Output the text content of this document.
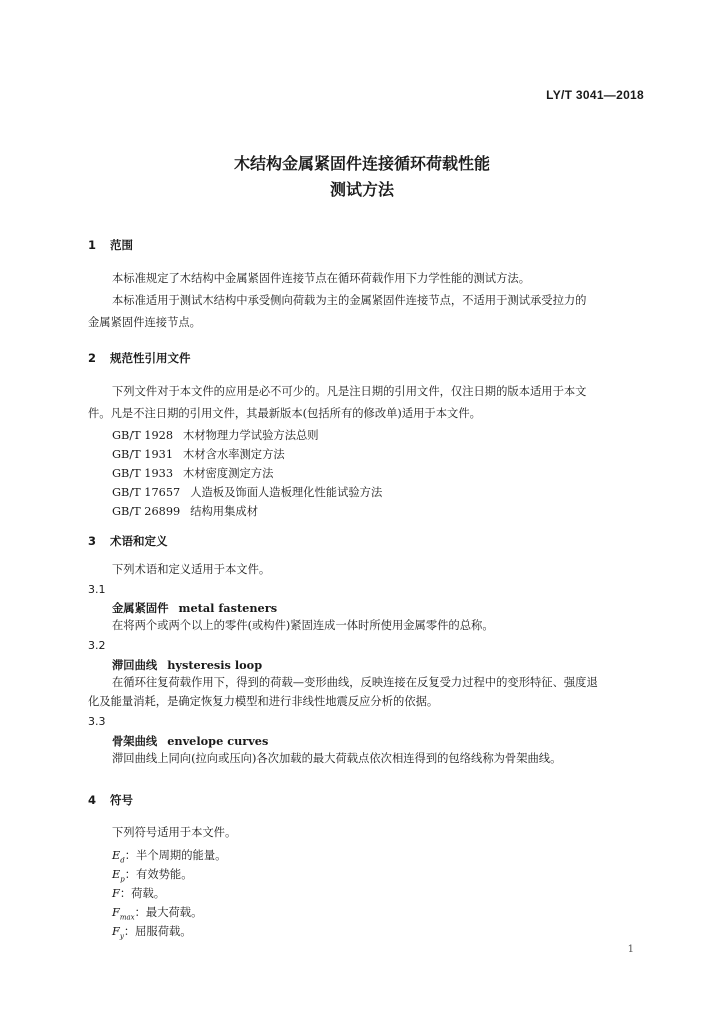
LY/T 3041—2018
木结构金属紧固件连接循环荷载性能
测试方法
1 范围
本标准规定了木结构中金属紧固件连接节点在循环荷载作用下力学性能的测试方法。
本标准适用于测试木结构中承受侧向荷载为主的金属紧固件连接节点，不适用于测试承受拉力的
金属紧固件连接节点。
2 规范性引用文件
下列文件对于本文件的应用是必不可少的。凡是注日期的引用文件，仅注日期的版本适用于本文
件。凡是不注日期的引用文件，其最新版本(包括所有的修改单)适用于本文件。
GB/T 1928 木材物理力学试验方法总则
GB/T 1931 木材含水率测定方法
GB/T 1933 木材密度测定方法
GB/T 17657 人造板及饰面人造板理化性能试验方法
GB/T 26899 结构用集成材
3 术语和定义
下列术语和定义适用于本文件。
3.1
金属紧固件 metal fasteners
在将两个或两个以上的零件(或构件)紧固连成一体时所使用金属零件的总称。
3.2
滞回曲线 hysteresis loop
在循环往复荷载作用下，得到的荷载—变形曲线，反映连接在反复受力过程中的变形特征、强度退
化及能量消耗，是确定恢复力模型和进行非线性地震反应分析的依据。
3.3
骨架曲线 envelope curves
滞回曲线上同向(拉向或压向)各次加载的最大荷载点依次相连得到的包络线称为骨架曲线。
4 符号
下列符号适用于本文件。
$E_d$：半个周期的能量。
$E_p$：有效势能。
F：荷载。
$F_{max}$：最大荷载。
$F_y$：屈服荷载。
1
